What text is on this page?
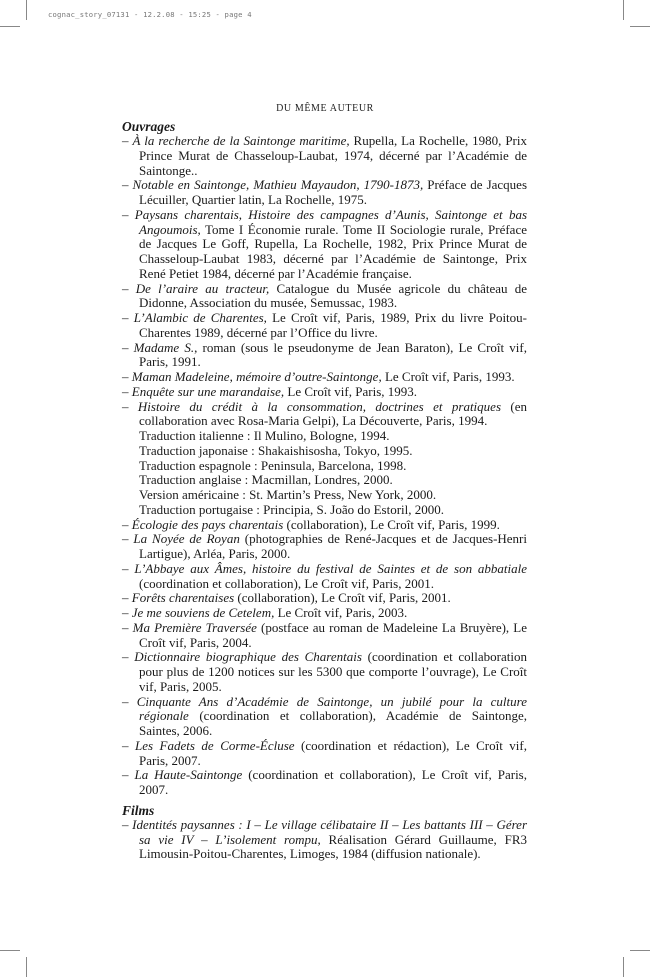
cognac_story_07131 - 12.2.08 - 15:25 - page 4
DU MÊME AUTEUR
Ouvrages
– À la recherche de la Saintonge maritime, Rupella, La Rochelle, 1980, Prix Prince Murat de Chasseloup-Laubat, 1974, décerné par l’Académie de Saintonge..
– Notable en Saintonge, Mathieu Mayaudon, 1790-1873, Préface de Jacques Lécuiller, Quartier latin, La Rochelle, 1975.
– Paysans charentais, Histoire des campagnes d’Aunis, Saintonge et bas Angoumois, Tome I Économie rurale. Tome II Sociologie rurale, Préface de Jacques Le Goff, Rupella, La Rochelle, 1982, Prix Prince Murat de Chasseloup-Laubat 1983, décerné par l’Académie de Saintonge, Prix René Petiet 1984, décerné par l’Académie française.
– De l’araire au tracteur, Catalogue du Musée agricole du château de Didonne, Association du musée, Semussac, 1983.
– L’Alambic de Charentes, Le Croît vif, Paris, 1989, Prix du livre Poitou-Charentes 1989, décerné par l’Office du livre.
– Madame S., roman (sous le pseudonyme de Jean Baraton), Le Croît vif, Paris, 1991.
– Maman Madeleine, mémoire d’outre-Saintonge, Le Croît vif, Paris, 1993.
– Enquête sur une marandaise, Le Croît vif, Paris, 1993.
– Histoire du crédit à la consommation, doctrines et pratiques (en collaboration avec Rosa-Maria Gelpi), La Découverte, Paris, 1994.
Traduction italienne : Il Mulino, Bologne, 1994.
Traduction japonaise : Shakaishisosha, Tokyo, 1995.
Traduction espagnole : Peninsula, Barcelona, 1998.
Traduction anglaise : Macmillan, Londres, 2000.
Version américaine : St. Martin’s Press, New York, 2000.
Traduction portugaise : Principia, S. João do Estoril, 2000.
– Écologie des pays charentais (collaboration), Le Croît vif, Paris, 1999.
– La Noyée de Royan (photographies de René-Jacques et de Jacques-Henri Lartigue), Arléa, Paris, 2000.
– L’Abbaye aux Âmes, histoire du festival de Saintes et de son abbatiale (coordination et collaboration), Le Croît vif, Paris, 2001.
– Forêts charentaises (collaboration), Le Croît vif, Paris, 2001.
– Je me souviens de Cetelem, Le Croît vif, Paris, 2003.
– Ma Première Traversée (postface au roman de Madeleine La Bruyère), Le Croît vif, Paris, 2004.
– Dictionnaire biographique des Charentais (coordination et collaboration pour plus de 1200 notices sur les 5300 que comporte l’ouvrage), Le Croît vif, Paris, 2005.
– Cinquante Ans d’Académie de Saintonge, un jubilé pour la culture régionale (coordination et collaboration), Académie de Saintonge, Saintes, 2006.
– Les Fadets de Corme-Écluse (coordination et rédaction), Le Croît vif, Paris, 2007.
– La Haute-Saintonge (coordination et collaboration), Le Croît vif, Paris, 2007.
Films
– Identités paysannes : I – Le village célibataire II – Les battants III – Gérer sa vie IV – L’isolement rompu, Réalisation Gérard Guillaume, FR3 Limousin-Poitou-Charentes, Limoges, 1984 (diffusion nationale).
